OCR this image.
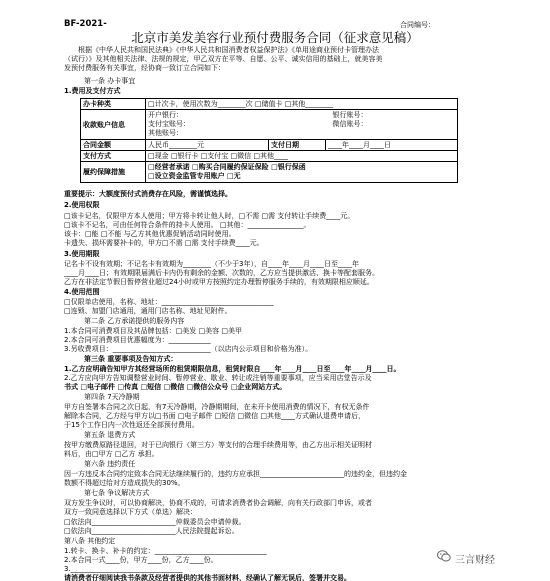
BF-2021-	合同编号：
北京市美发美容行业预付费服务合同（征求意见稿）
根据《中华人民共和国民法典》《中华人民共和国消费者权益保护法》《单用途商业预付卡管理办法
（试行）》及其他相关法律、法规的规定，甲乙双方在平等、自愿、公平、诚实信用的基础上，就美容美
发预付费服务有关事宜，经协商一致订立合同如下：
第一条 办卡事宜
1.费用及支付方式
办卡种类	□计次卡，使用次数为________次 □储值卡 □其他________		
收款账户信息	开户银行： 银行账号：
支付宝账号： 微信账号：
其他账号：		

合同金额	人民币________元	支付日期	____年____月____日
支付方式	□现金 □银行卡 □支付宝 □微信 □其他____		
履约保障措施	□经营者承诺 □购买合同履约保证保险 □银行保函
□设立资金监管专用账户 □无		
重要提示：大额度预付式消费存在风险，需谨慎选择。
2.使用权限
□该卡记名，仅限甲方本人使用；甲方将卡转让他人时，□不需 □需 支付转让手续费____元。
□该卡不记名，可由任何符合条件的持卡人使用。 □其他：________________。
该卡：□能 □不能 与乙方其他优惠促销活动同时使用。
卡遗失、损坏需要补卡的，甲方□不需 □需 支付手续费____元。
3.使用期限
记名卡不设有效期；不记名卡有效期为________（不少于3年），自____年____月____日至____年
____月____日；有效期限届满后卡内仍有剩余的金额、次数的，乙方应当提供激活、换卡等配套服务。
乙方在非法定节假日暂停营业超过24小时或甲方按照约定办理暂停服务手续的，有效期限相应顺延。
4.使用范围
□仅限单店使用，名称、地址：________________________________
□连锁、加盟门店通用，通用门店名称、地址见附件。
第二条 乙方承诺提供的服务内容
1.本合同可消费项目及其品牌包括：□美发 □美容 □美甲
2.本合同可消费项目优惠幅度为：____________
3.另收费项目：____________________________（以店内公示项目和价格为准）。
第三条 重要事项及告知方式：
1.乙方应明确告知甲方其经营场所的租赁期限信息，租赁时限自____年____月____日至____年____月____日。
2.乙方应向甲方告知调整营业时间、暂停营业、歇业、转让或注销等重要事项，应当采用店堂告示及
书式 □电子邮件 □传真 □短信 □微信 □微信公众号 □企业网站方式。
第四条 7天冷静期
甲方自签署本合同之次日起，有7天冷静期，冷静期期间，在未开卡使用消费的情况下，有权无条件
解除本合同，乙方经与甲方以□书面 □电子邮件 □短信 □微信 □其他____方式确认退费申请后，
于15个工作日内一次性返还全部预付费用。
第五条 退费方式
按甲方缴费原路径退回，对于已向银行（第三方）等支付的合理手续费用等，由乙方出示相关证明材
料后，由□甲方 □乙方 承担。
第六条 违约责任
因一方违反本合同约定致本合同无法继续履行的，违约方应承担________________________的违约金，但违约金
数额不得超过给对方造成损失的30%。
第七条 争议解决方式
双方发生争议时，可以协商解决，协商不成的，可请求消费者协会调解，向有关行政部门申诉，或者
双方一致同意选择以下方式（单选）解决：
□依法向________________________仲裁委员会申请仲裁。
□依法向________________________人民法院提起诉讼。
第八条 其他约定
1.转卡、换卡、补卡的约定：________________________________
2.本合同一式____份，甲方____份，乙方____份。
3.________________________________
请消费者仔细阅读我书条款及经营者提供的其他书面材料，经确认了解无误后，签署并交易。
三言财经
